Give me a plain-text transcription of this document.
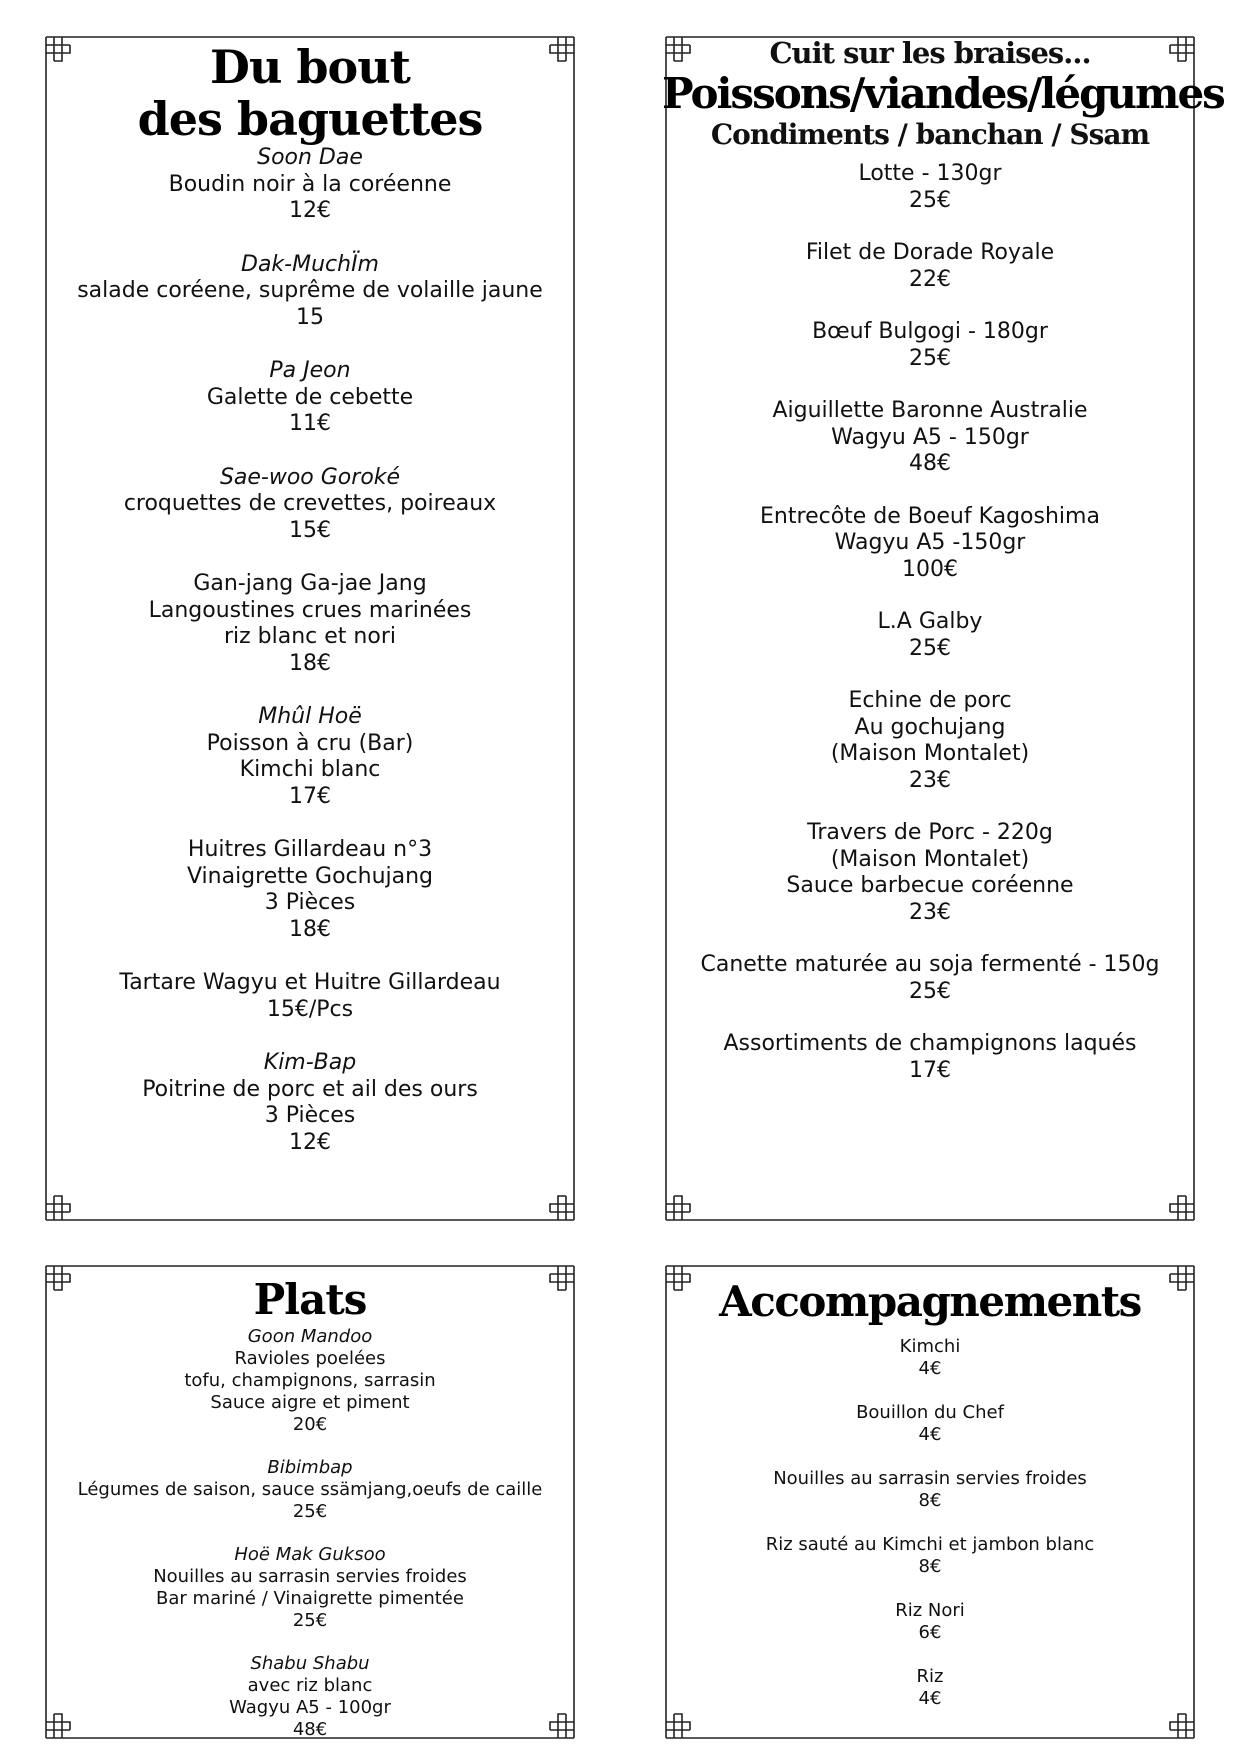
Du bout
des baguettes
Soon Dae
Boudin noir à la coréenne
12€
Dak-MuchÏm
salade coréene, suprême de volaille jaune
15
Pa Jeon
Galette de cebette
11€
Sae-woo Goroké
croquettes de crevettes, poireaux
15€
Gan-jang Ga-jae Jang
Langoustines crues marinées
riz blanc et nori
18€
Mhûl Hoë
Poisson à cru (Bar)
Kimchi blanc
17€
Huitres Gillardeau n°3
Vinaigrette Gochujang
3 Pièces
18€
Tartare Wagyu et Huitre Gillardeau
15€/Pcs
Kim-Bap
Poitrine de porc et ail des ours
3 Pièces
12€
Cuit sur les braises...
Poissons/viandes/légumes
Condiments / banchan / Ssam
Lotte - 130gr
25€
Filet de Dorade Royale
22€
Bœuf Bulgogi - 180gr
25€
Aiguillette Baronne Australie
Wagyu A5 - 150gr
48€
Entrecôte de Boeuf Kagoshima
Wagyu A5 -150gr
100€
L.A Galby
25€
Echine de porc
Au gochujang
(Maison Montalet)
23€
Travers de Porc - 220g
(Maison Montalet)
Sauce barbecue coréenne
23€
Canette maturée au soja fermenté - 150g
25€
Assortiments de champignons laqués
17€
Plats
Goon Mandoo
Ravioles poelées
tofu, champignons, sarrasin
Sauce aigre et piment
20€
Bibimbap
Légumes de saison, sauce ssämjang,oeufs de caille
25€
Hoë Mak Guksoo
Nouilles au sarrasin servies froides
Bar mariné / Vinaigrette pimentée
25€
Shabu Shabu
avec riz blanc
Wagyu A5 - 100gr
48€
Accompagnements
Kimchi
4€
Bouillon du Chef
4€
Nouilles au sarrasin servies froides
8€
Riz sauté au Kimchi et jambon blanc
8€
Riz Nori
6€
Riz
4€
